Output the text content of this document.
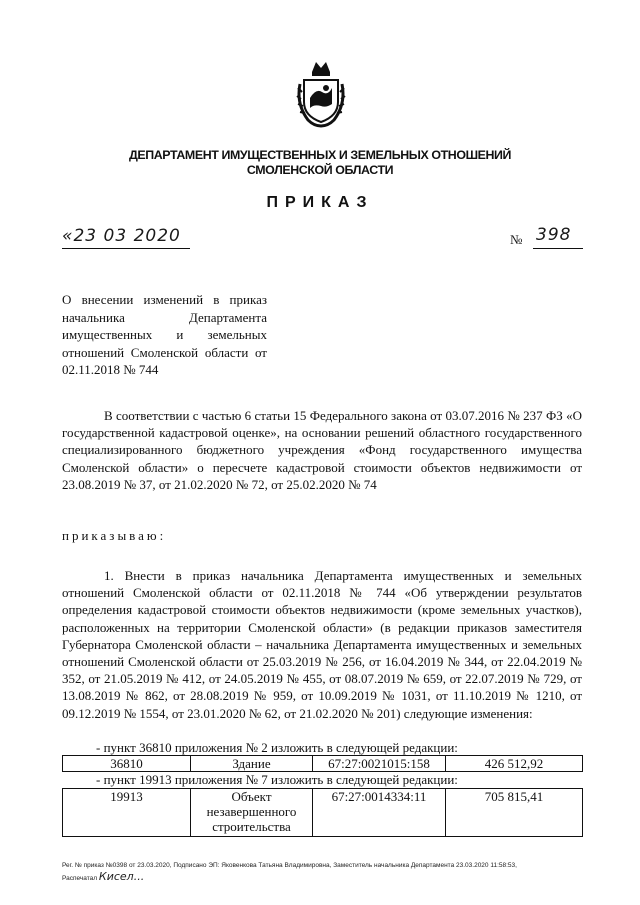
ДЕПАРТАМЕНТ ИМУЩЕСТВЕННЫХ И ЗЕМЕЛЬНЫХ ОТНОШЕНИЙ
СМОЛЕНСКОЙ ОБЛАСТИ
ПРИКАЗ
«23 03 2020	№ 398
О внесении изменений в приказ начальника Департамента имущественных и земельных отношений Смоленской области от 02.11.2018 № 744

В соответствии с частью 6 статьи 15 Федерального закона от 03.07.2016 № 237 ФЗ «О государственной кадастровой оценке», на основании решений областного государственного специализированного бюджетного учреждения «Фонд государственного имущества Смоленской области» о пересчете кадастровой стоимости объектов недвижимости от 23.08.2019 № 37, от 21.02.2020 № 72, от 25.02.2020 № 74

приказываю:

1. Внести в приказ начальника Департамента имущественных и земельных отношений Смоленской области от 02.11.2018 № 744 «Об утверждении результатов определения кадастровой стоимости объектов недвижимости (кроме земельных участков), расположенных на территории Смоленской области» (в редакции приказов заместителя Губернатора Смоленской области – начальника Департамента имущественных и земельных отношений Смоленской области от 25.03.2019 № 256, от 16.04.2019 № 344, от 22.04.2019 № 352, от 21.05.2019 № 412, от 24.05.2019 № 455, от 08.07.2019 № 659, от 22.07.2019 № 729, от 13.08.2019 № 862, от 28.08.2019 № 959, от 10.09.2019 № 1031, от 11.10.2019 № 1210, от 09.12.2019 № 1554, от 23.01.2020 № 62, от 21.02.2020 № 201) следующие изменения:

- пункт 36810 приложения № 2 изложить в следующей редакции:
36810	Здание	67:27:0021015:158	426 512,92
- пункт 19913 приложения № 7 изложить в следующей редакции:
19913	Объект незавершенного строительства	67:27:0014334:11	705 815,41
Рег. № приказ №0398 от 23.03.2020, Подписано ЭП: Яковенкова Татьяна Владимировна, Заместитель начальника Департамента 23.03.2020 11:58:53,
Распечатал Кисел...
